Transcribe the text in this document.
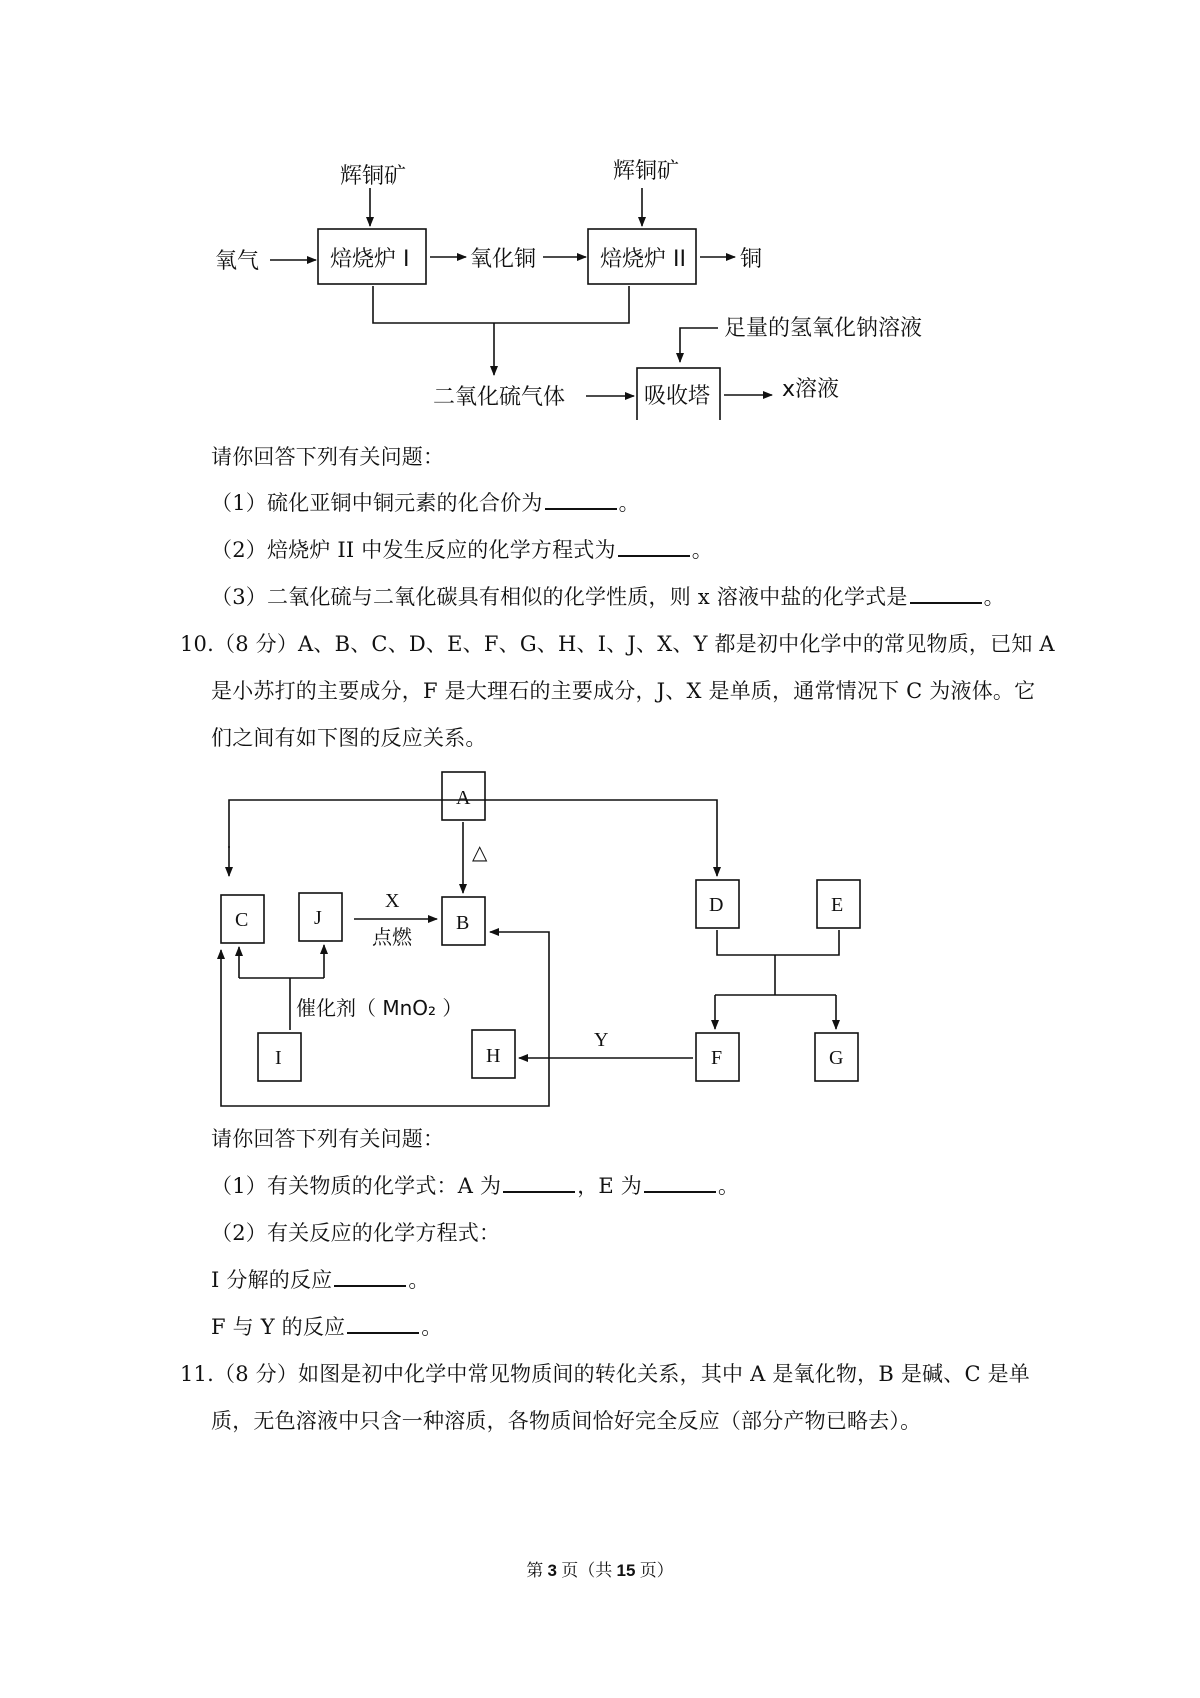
辉铜矿	辉铜矿
氧气	焙烧炉 I	氧化铜	焙烧炉 II 铜
足量的氢氧化钠溶液
二氧化硫气体	吸收塔	x溶液
请你回答下列有关问题：
（1）硫化亚铜中铜元素的化合价为	。
（2）焙烧炉 II 中发生反应的化学方程式为	。
（3）二氧化硫与二氧化碳具有相似的化学性质，则 x 溶液中盐的化学式是	。
10.（8 分）A、B、C、D、E、F、G、H、I、J、X、Y 都是初中化学中的常见物质，已知 A
是小苏打的主要成分，F 是大理石的主要成分，J、X 是单质，通常情况下 C 为液体。它
们之间有如下图的反应关系。
A
C	J	B
D	E
I	H	F	G
△
X
点燃
催化剂（ MnO₂ ）
Y
请你回答下列有关问题：
（1）有关物质的化学式：A 为	，E 为	。
（2）有关反应的化学方程式：
I 分解的反应	。
F 与 Y 的反应	。
11.（8 分）如图是初中化学中常见物质间的转化关系，其中 A 是氧化物，B 是碱、C 是单
质，无色溶液中只含一种溶质，各物质间恰好完全反应（部分产物已略去）。
第 3 页（共 15 页）
